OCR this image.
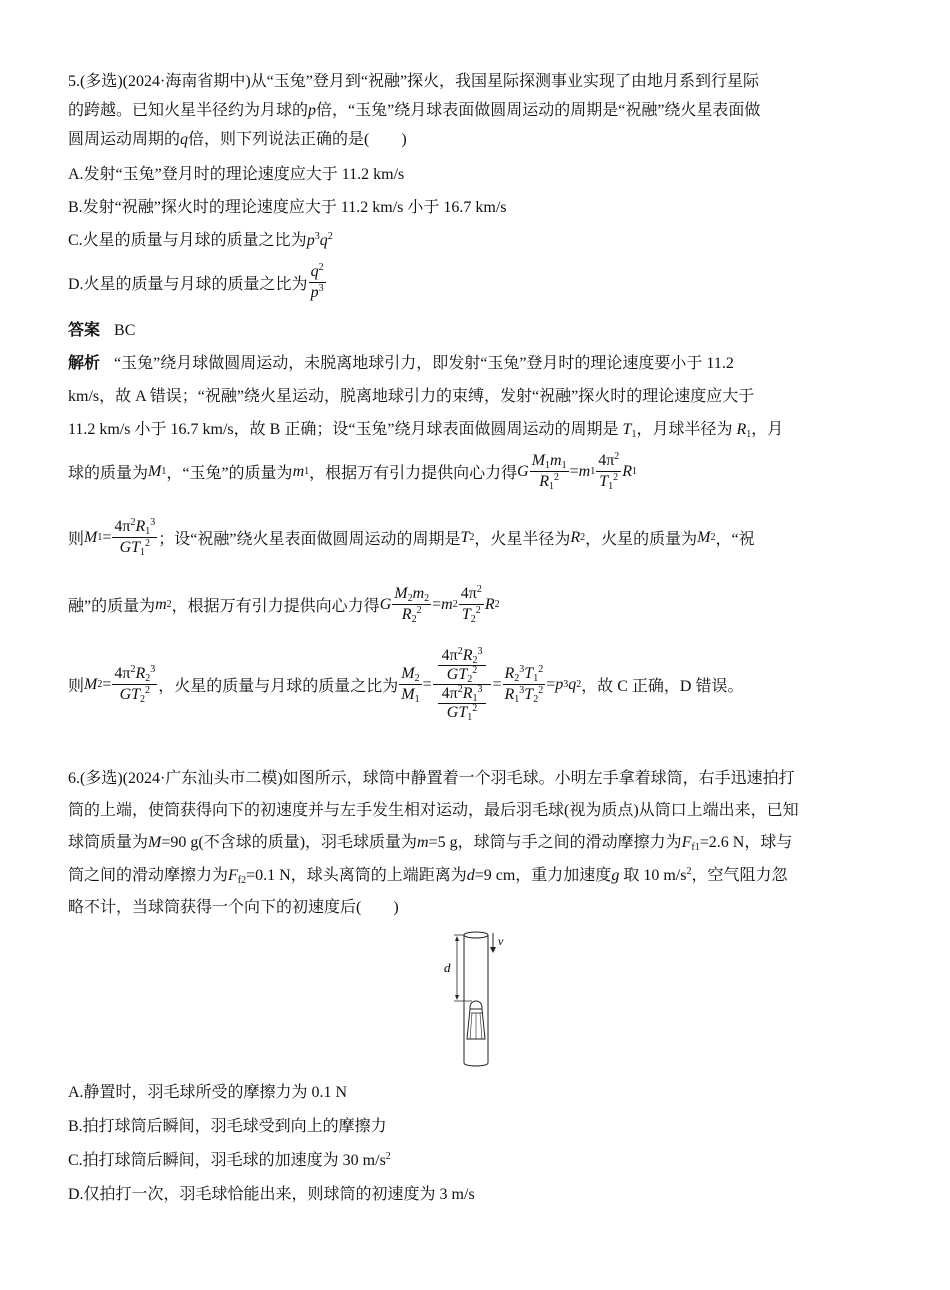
5.(多选)(2024·海南省期中)从“玉兔”登月到“祝融”探火，我国星际探测事业实现了由地月系到行星际
的跨越。已知火星半径约为月球的p倍，“玉兔”绕月球表面做圆周运动的周期是“祝融”绕火星表面做
圆周运动周期的q倍，则下列说法正确的是(　　)
A.发射“玉兔”登月时的理论速度应大于 11.2 km/s
B.发射“祝融”探火时的理论速度应大于 11.2 km/s 小于 16.7 km/s
C.火星的质量与月球的质量之比为$p^3q^2$
D.火星的质量与月球的质量之比为 $\frac{q^2}{p^3}$
答案 BC
解析 “玉兔”绕月球做圆周运动，未脱离地球引力，即发射“玉兔”登月时的理论速度要小于 11.2
km/s，故 A 错误；“祝融”绕火星运动，脱离地球引力的束缚，发射“祝融”探火时的理论速度应大于
11.2 km/s 小于 16.7 km/s，故 B 正确；设“玉兔”绕月球表面做圆周运动的周期是 $T_1$，月球半径为 $R_1$，月
球的质量为 M 1 ，“玉兔”的质量为 m 1 ，根据万有引力提供向心力得 G $\frac{M_1m_1}{R_1^2} = m$ $1 \frac{4\pi^2}{T_1^2}$ R 1
则 M $1 = \frac{4\pi^2R_1^3}{GT_1^2}$ ；设“祝融”绕火星表面做圆周运动的周期是 T 2 ，火星半径为 R 2 ，火星的质量为 M 2 ，“祝
融”的质量为 m 2 ，根据万有引力提供向心力得 G $\frac{M_2m_2}{R_2^2} = m$ $2 \frac{4\pi^2}{T_2^2}$ R 2
则 M $2 = \frac{4\pi^2R_2^3}{GT_2^2}$ ，火星的质量与月球的质量之比为 $\frac{M_2}{M_1} = \frac{\frac{4\pi^2R_2^3}{GT_2^2}}{\frac{4\pi^2R_1^3}{GT_1^2}} = \frac{R_2^3T_1^2}{R_1^3T_2^2} = p$ 3 q 2 ，故 C 正确，D 错误。
6.(多选)(2024·广东汕头市二模)如图所示，球筒中静置着一个羽毛球。小明左手拿着球筒，右手迅速拍打
筒的上端，使筒获得向下的初速度并与左手发生相对运动，最后羽毛球(视为质点)从筒口上端出来，已知
球筒质量为M=90 g(不含球的质量)，羽毛球质量为m=5 g，球筒与手之间的滑动摩擦力为$F_{f1}=2.6$ N，球与
筒之间的滑动摩擦力为$F_{f2}=0.1$ N，球头离筒的上端距离为d=9 cm，重力加速度g 取 10 $m/s^2$，空气阻力忽
略不计，当球筒获得一个向下的初速度后(　　)
v
d
A.静置时，羽毛球所受的摩擦力为 0.1 N
B.拍打球筒后瞬间，羽毛球受到向上的摩擦力
C.拍打球筒后瞬间，羽毛球的加速度为 30 $m/s^2$
D.仅拍打一次，羽毛球恰能出来，则球筒的初速度为 3 m/s
